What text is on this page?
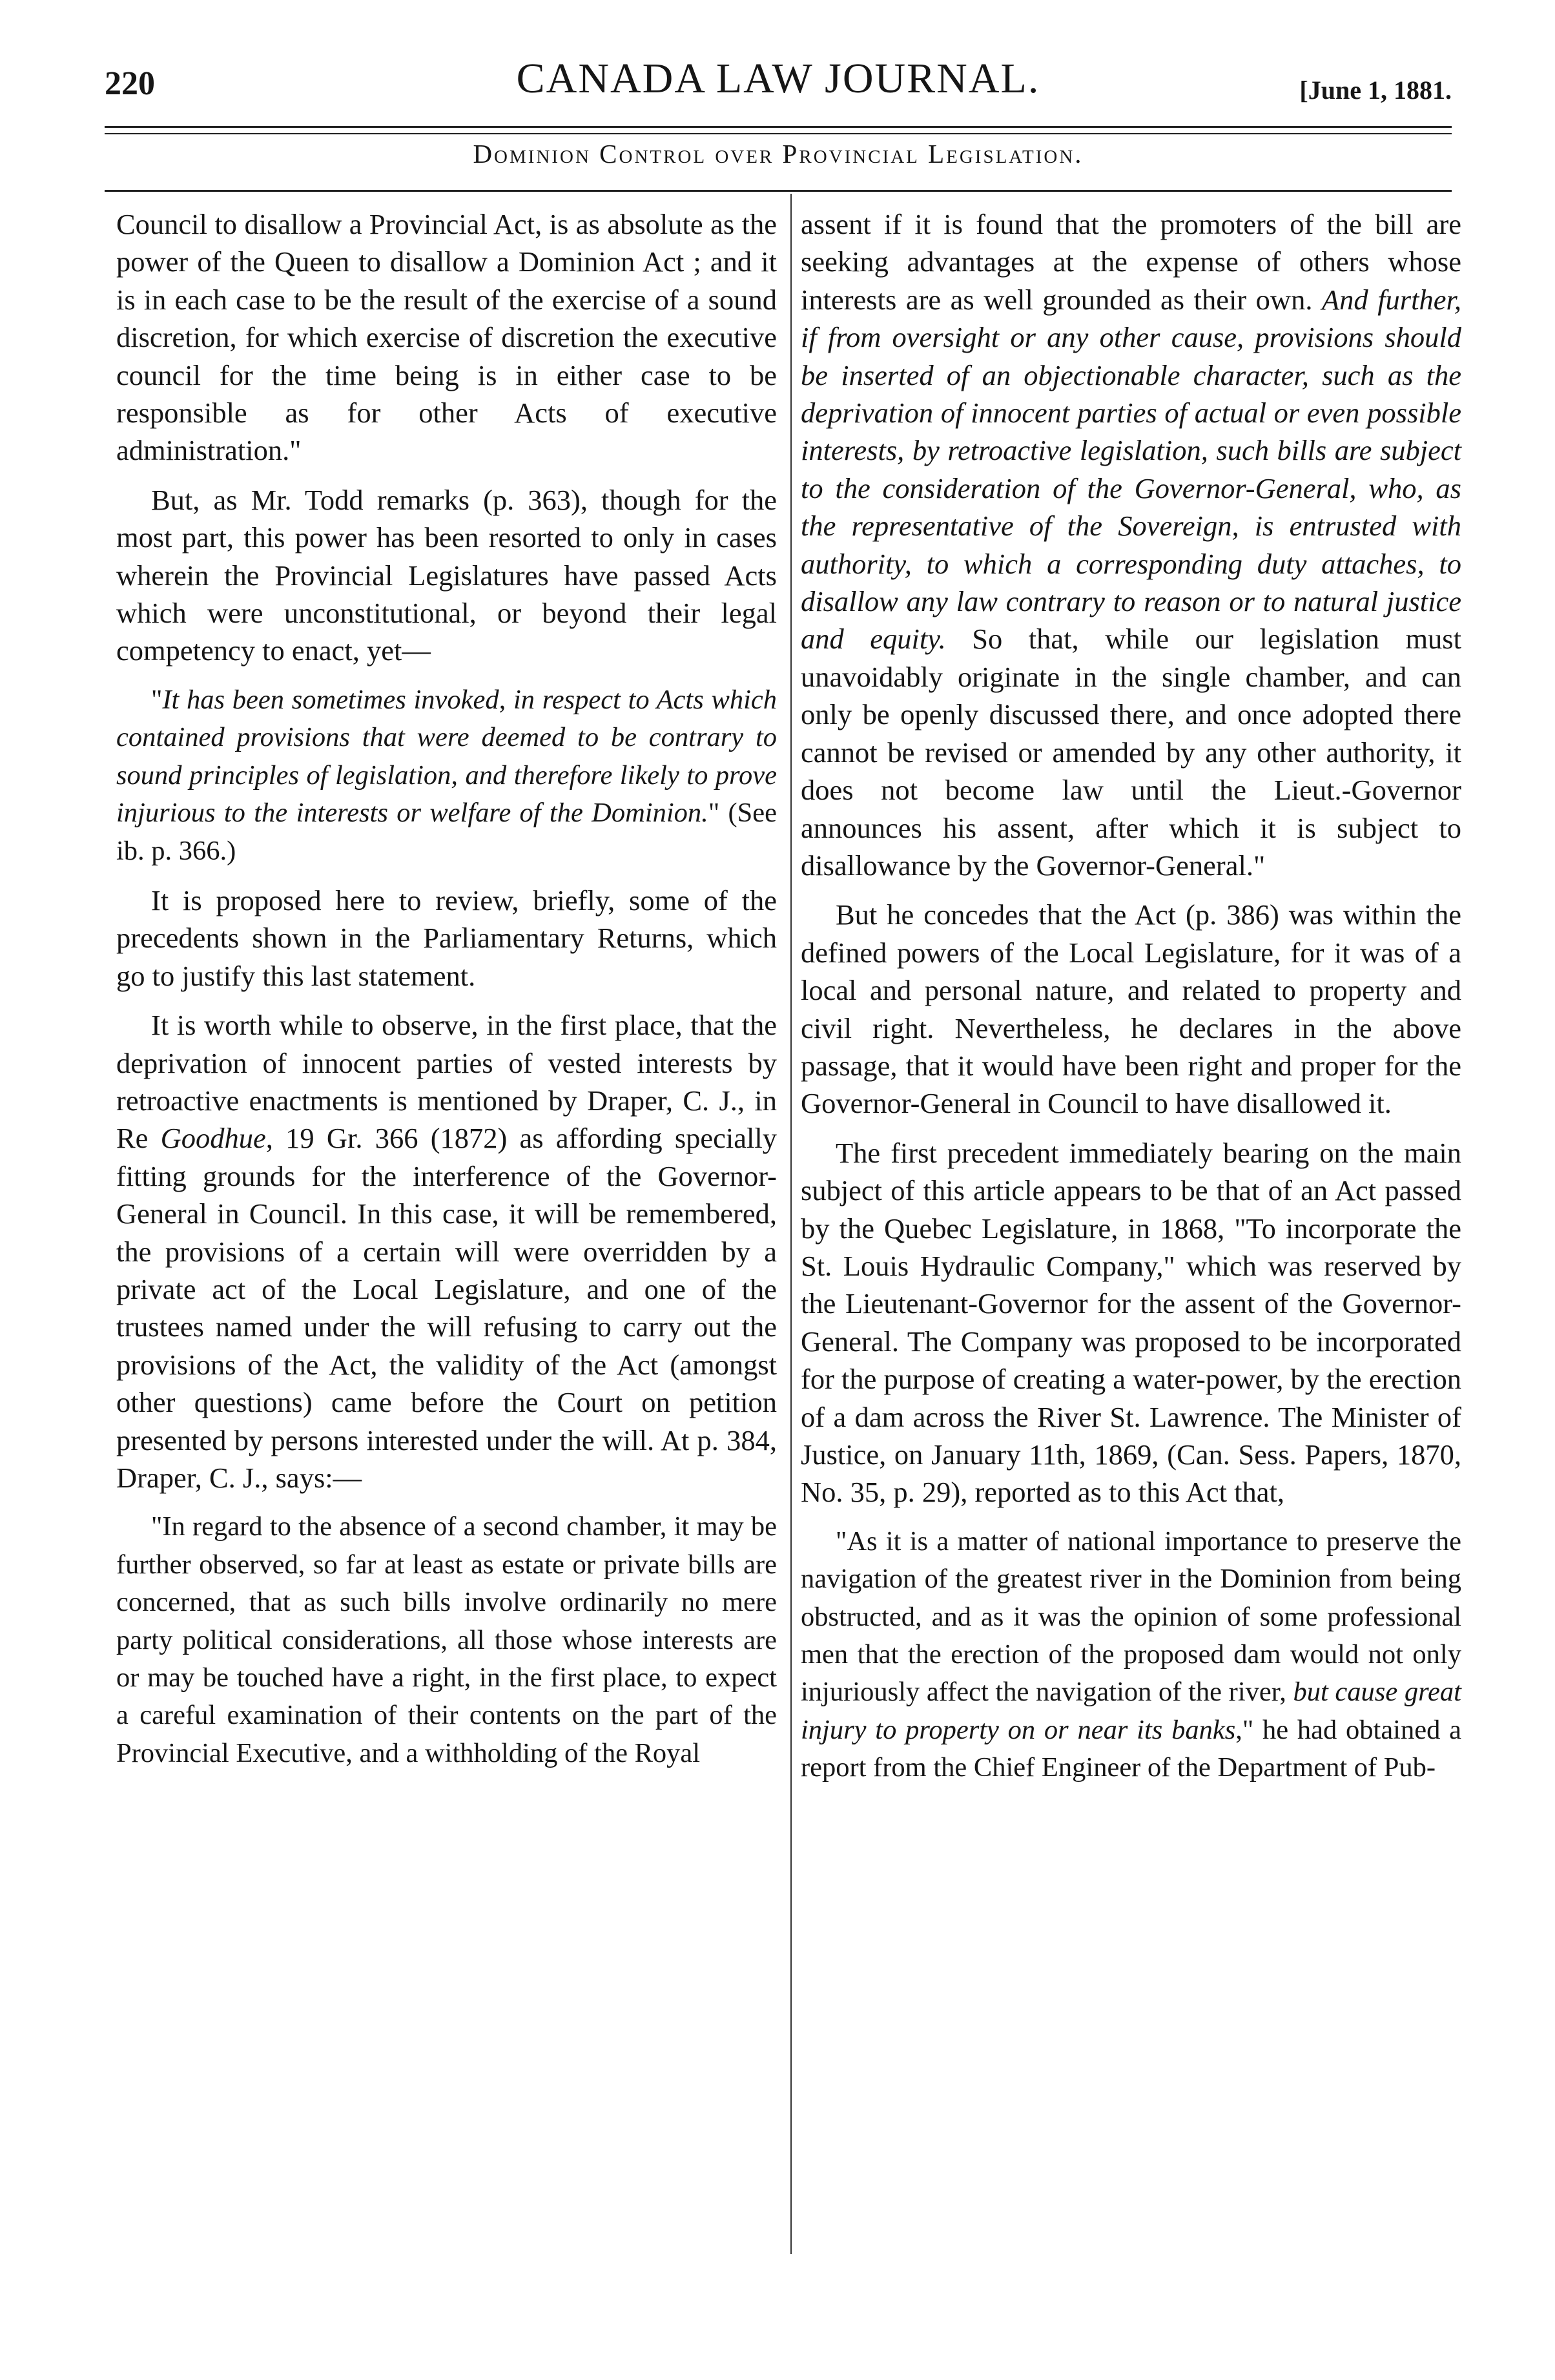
220	CANADA LAW JOURNAL.	[June 1, 1881.
Dominion Control over Provincial Legislation.

Council to disallow a Provincial Act, is as absolute as the power of the Queen to disallow a Dominion Act ; and it is in each case to be the result of the exercise of a sound discretion, for which exercise of discretion the executive council for the time being is in either case to be responsible as for other Acts of executive administration."

But, as Mr. Todd remarks (p. 363), though for the most part, this power has been resorted to only in cases wherein the Provincial Legislatures have passed Acts which were unconstitutional, or beyond their legal competency to enact, yet—

"It has been sometimes invoked, in respect to Acts which contained provisions that were deemed to be contrary to sound principles of legislation, and therefore likely to prove injurious to the interests or welfare of the Dominion." (See ib. p. 366.)

It is proposed here to review, briefly, some of the precedents shown in the Parliamentary Returns, which go to justify this last statement.

It is worth while to observe, in the first place, that the deprivation of innocent parties of vested interests by retroactive enactments is mentioned by Draper, C. J., in Re Goodhue, 19 Gr. 366 (1872) as affording specially fitting grounds for the interference of the Governor-General in Council. In this case, it will be remembered, the provisions of a certain will were overridden by a private act of the Local Legislature, and one of the trustees named under the will refusing to carry out the provisions of the Act, the validity of the Act (amongst other questions) came before the Court on petition presented by persons interested under the will. At p. 384, Draper, C. J., says:—

"In regard to the absence of a second chamber, it may be further observed, so far at least as estate or private bills are concerned, that as such bills involve ordinarily no mere party political considerations, all those whose interests are or may be touched have a right, in the first place, to expect a careful examination of their contents on the part of the Provincial Executive, and a withholding of the Royal

assent if it is found that the promoters of the bill are seeking advantages at the expense of others whose interests are as well grounded as their own. And further, if from oversight or any other cause, provisions should be inserted of an objectionable character, such as the deprivation of innocent parties of actual or even possible interests, by retroactive legislation, such bills are subject to the consideration of the Governor-General, who, as the representative of the Sovereign, is entrusted with authority, to which a corresponding duty attaches, to disallow any law contrary to reason or to natural justice and equity. So that, while our legislation must unavoidably originate in the single chamber, and can only be openly discussed there, and once adopted there cannot be revised or amended by any other authority, it does not become law until the Lieut.-Governor announces his assent, after which it is subject to disallowance by the Governor-General."

But he concedes that the Act (p. 386) was within the defined powers of the Local Legislature, for it was of a local and personal nature, and related to property and civil right. Nevertheless, he declares in the above passage, that it would have been right and proper for the Governor-General in Council to have disallowed it.

The first precedent immediately bearing on the main subject of this article appears to be that of an Act passed by the Quebec Legislature, in 1868, "To incorporate the St. Louis Hydraulic Company," which was reserved by the Lieutenant-Governor for the assent of the Governor-General. The Company was proposed to be incorporated for the purpose of creating a water-power, by the erection of a dam across the River St. Lawrence. The Minister of Justice, on January 11th, 1869, (Can. Sess. Papers, 1870, No. 35, p. 29), reported as to this Act that,

"As it is a matter of national importance to preserve the navigation of the greatest river in the Dominion from being obstructed, and as it was the opinion of some professional men that the erection of the proposed dam would not only injuriously affect the navigation of the river, but cause great injury to property on or near its banks," he had obtained a report from the Chief Engineer of the Department of Pub-
